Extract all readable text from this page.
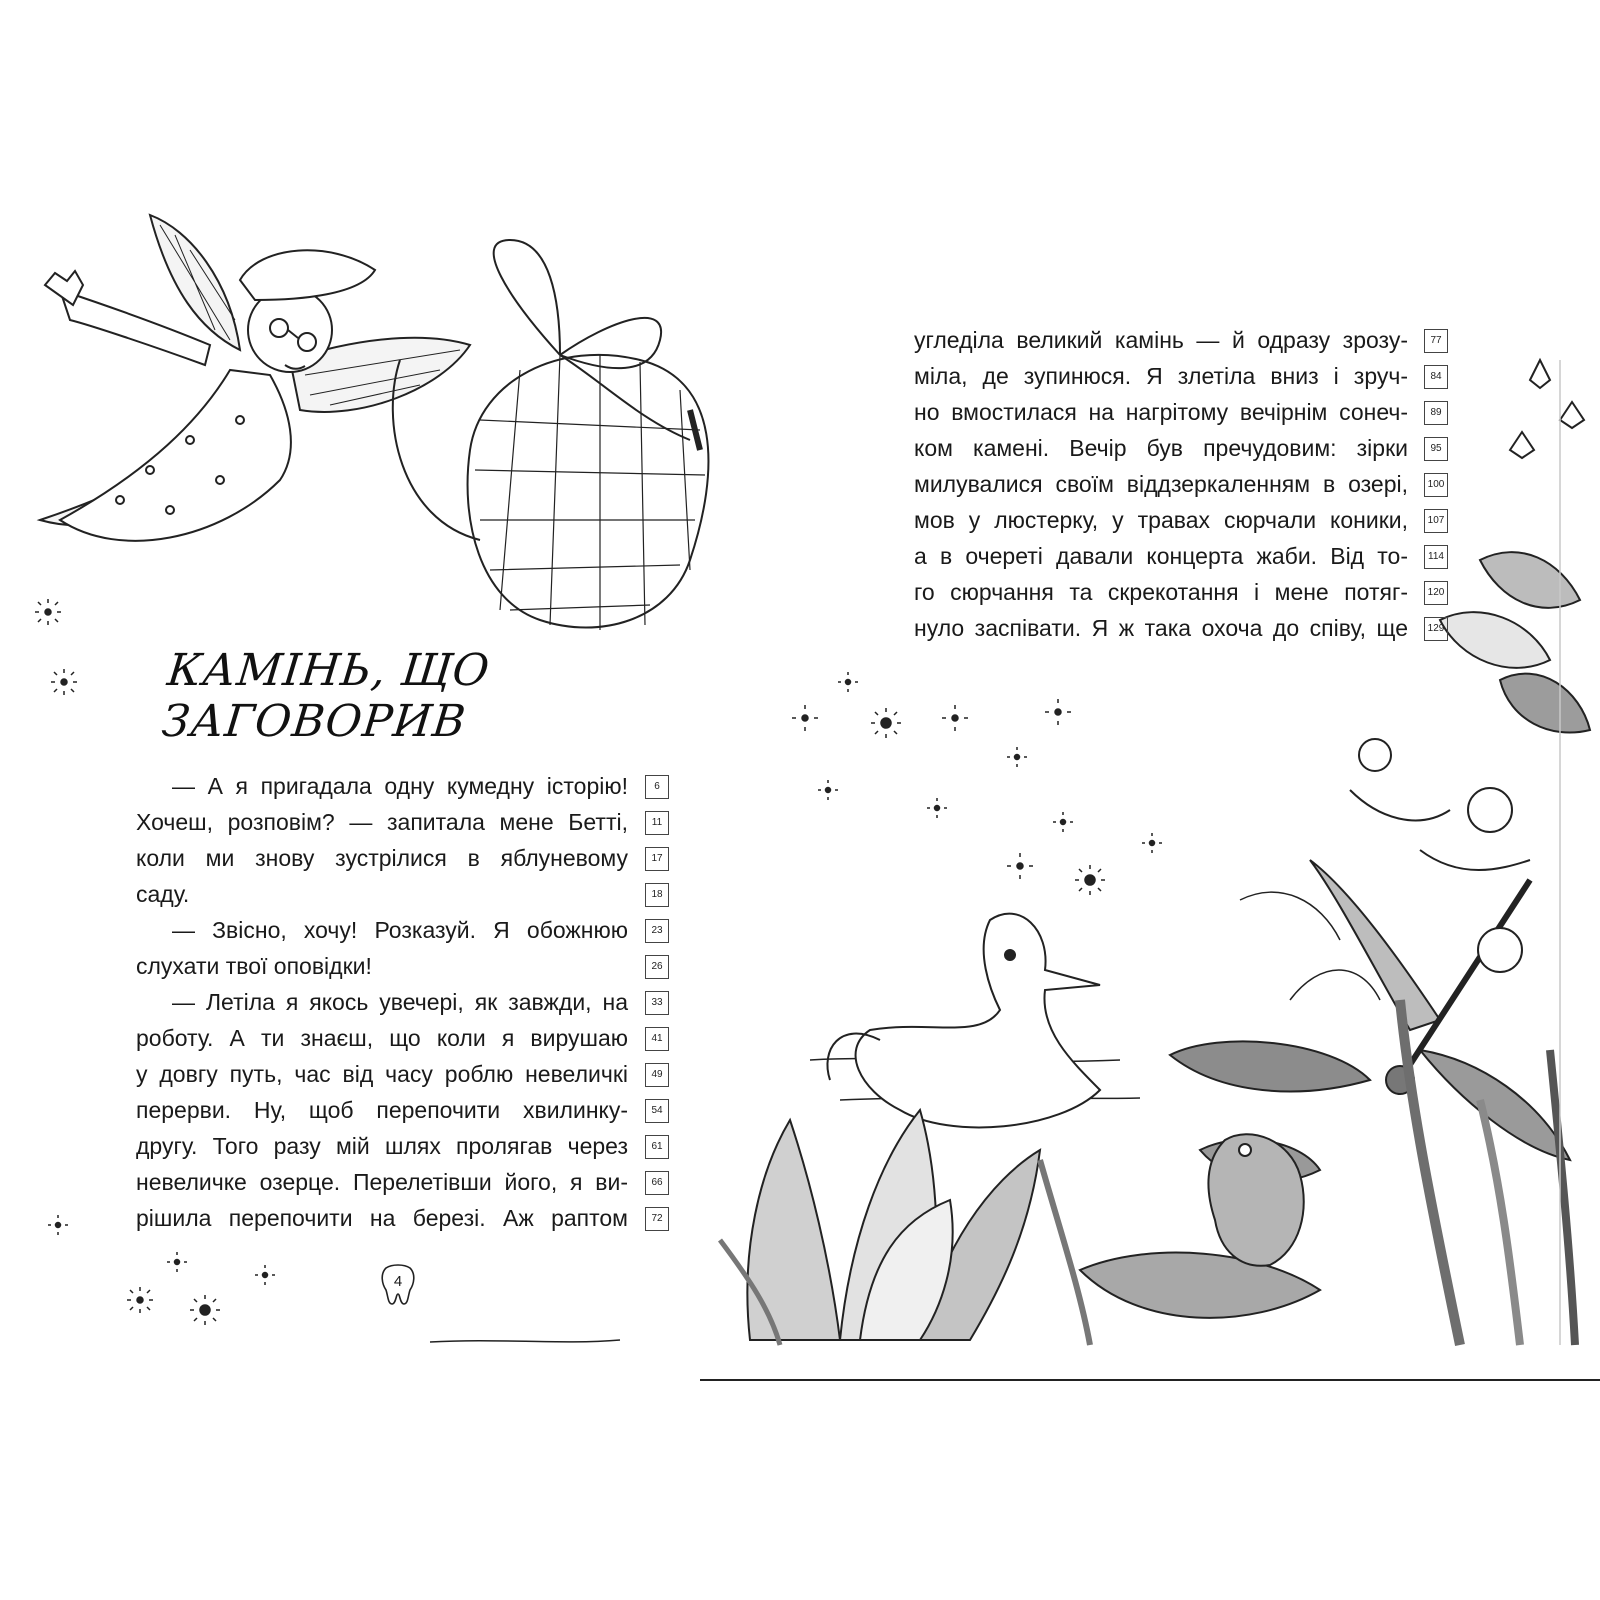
КАМІНЬ, ЩО ЗАГОВОРИВ
— А я пригадала одну кумедну історію!	6
Хочеш, розповім? — запитала мене Бетті,	11
коли ми знову зустрілися в яблуневому	17
саду.	18
— Звісно, хочу! Розказуй. Я обожнюю	23
слухати твої оповідки!	26
— Летіла я якось увечері, як завжди, на	33
роботу. А ти знаєш, що коли я вирушаю	41
у довгу путь, час від часу роблю невеличкі	49
перерви. Ну, щоб перепочити хвилинку-	54
другу. Того разу мій шлях пролягав через	61
невеличке озерце. Перелетівши його, я ви-	66
рішила перепочити на березі. Аж раптом	72
угледіла великий камінь — й одразу зрозу-	77
міла, де зупинюся. Я злетіла вниз і зруч-	84
но вмостилася на нагрітому вечірнім сонеч-	89
ком камені. Вечір був пречудовим: зірки	95
милувалися своїм віддзеркаленням в озері,	100
мов у люстерку, у травах сюрчали коники,	107
а в очереті давали концерта жаби. Від то-	114
го сюрчання та скрекотання і мене потяг-	120
нуло заспівати. Я ж така охоча до співу, ще	129
4
